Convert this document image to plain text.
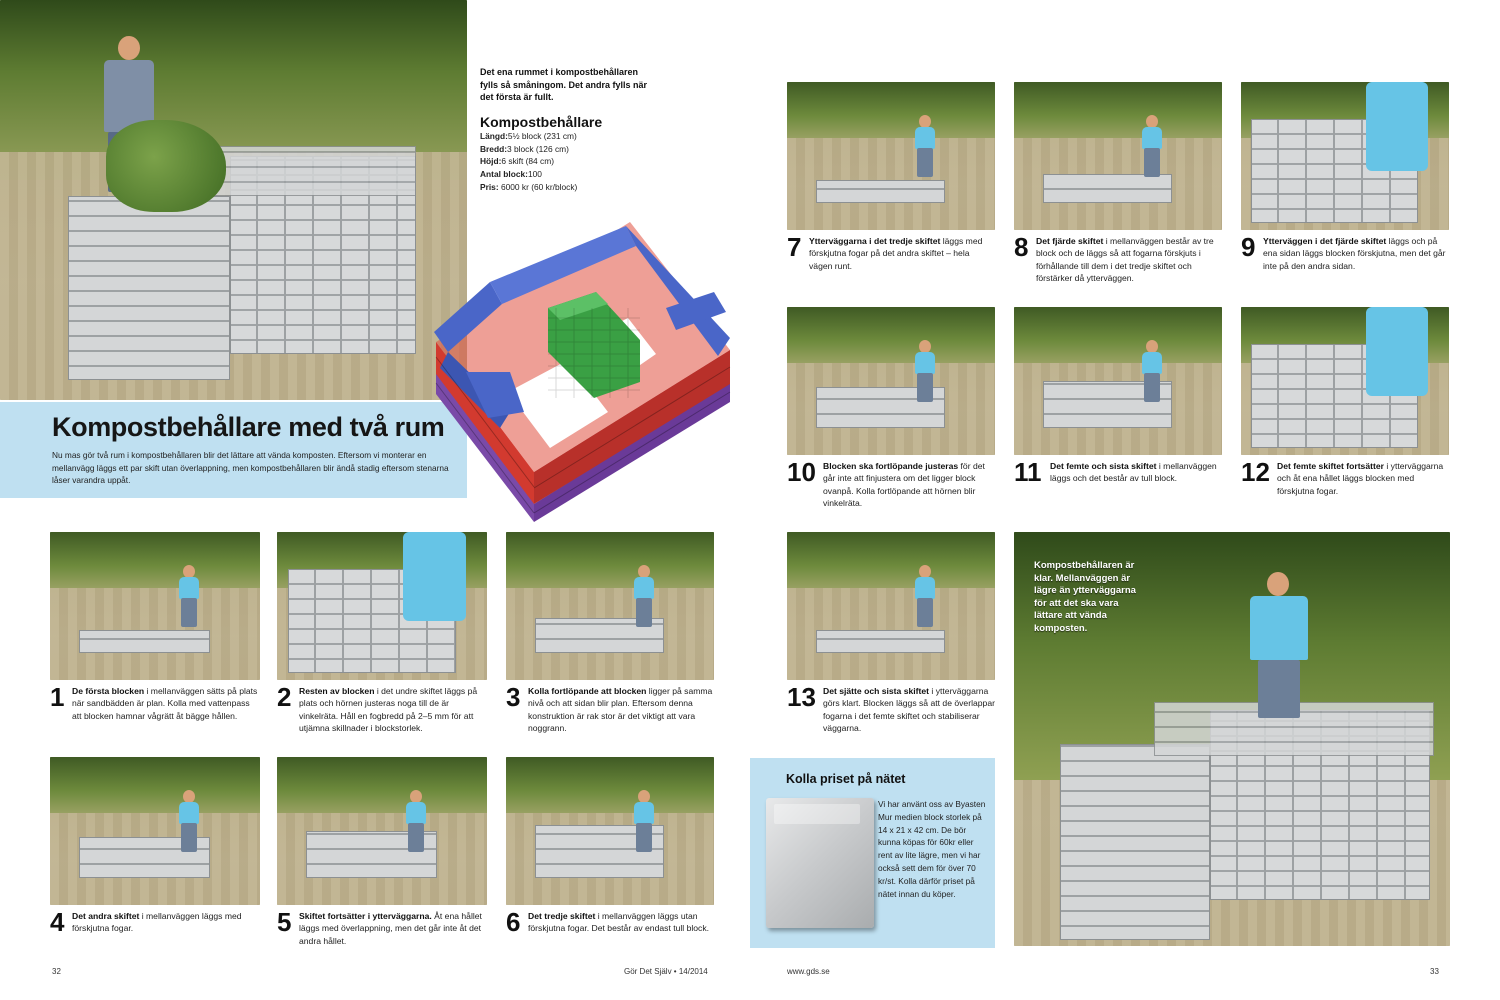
Kompostbehållare med två rum

Nu mas gör två rum i kompostbehållaren blir det lättare att vända komposten. Eftersom vi monterar en mellanvägg läggs ett par skift utan överlappning, men kompostbehållaren blir ändå stadig eftersom stenarna låser varandra uppåt.

Det ena rummet i kompostbehållaren fylls så småningom. Det andra fylls när det första är fullt.
Kompostbehållare
Längd:5½ block (231 cm)
Bredd:3 block (126 cm)
Höjd:6 skift (84 cm)
Antal block:100
Pris: 6000 kr (60 kr/block)
1 De första blocken i mellanväggen sätts på plats när sandbädden är plan. Kolla med vattenpass att blocken hamnar vågrätt åt bägge hållen.
2 Resten av blocken i det undre skiftet läggs på plats och hörnen justeras noga till de är vinkelräta. Håll en fogbredd på 2–5 mm för att utjämna skillnader i blockstorlek.
3 Kolla fortlöpande att blocken ligger på samma nivå och att sidan blir plan. Eftersom denna konstruktion är rak stor är det viktigt att vara noggrann.
4 Det andra skiftet i mellanväggen läggs med förskjutna fogar.	5 Skiftet fortsätter i ytterväggarna. Åt ena hållet läggs med överlappning, men det går inte åt det andra hållet.
6 Det tredje skiftet i mellanväggen läggs utan förskjutna fogar. Det består av endast tull block.
7 Ytterväggarna i det tredje skiftet läggs med förskjutna fogar på det andra skiftet – hela vägen runt.
8 Det fjärde skiftet i mellanväggen består av tre block och de läggs så att fogarna förskjuts i förhållande till dem i det tredje skiftet och förstärker då ytterväggen.
9 Ytterväggen i det fjärde skiftet läggs och på ena sidan läggs blocken förskjutna, men det går inte på den andra sidan.
10 Blocken ska fortlöpande justeras för det går inte att finjustera om det ligger block ovanpå. Kolla fortlöpande att hörnen blir vinkelräta.
11 Det femte och sista skiftet i mellanväggen läggs och det består av tull block.	12 Det femte skiftet fortsätter i ytterväggarna och åt ena hållet läggs blocken med förskjutna fogar.
13 Det sjätte och sista skiftet i ytterväggarna görs klart. Blocken läggs så att de överlappar fogarna i det femte skiftet och stabiliserar väggarna.
Kompostbehållaren är klar. Mellanväggen är lägre än ytterväggarna för att det ska vara lättare att vända komposten.
Kolla priset på nätet

Vi har använt oss av Byasten Mur medien block storlek på 14 x 21 x 42 cm. De bör kunna köpas för 60kr eller rent av lite lägre, men vi har också sett dem för över 70 kr/st. Kolla därför priset på nätet innan du köper.

32	Gör Det Själv • 14/2014	www.gds.se	33
